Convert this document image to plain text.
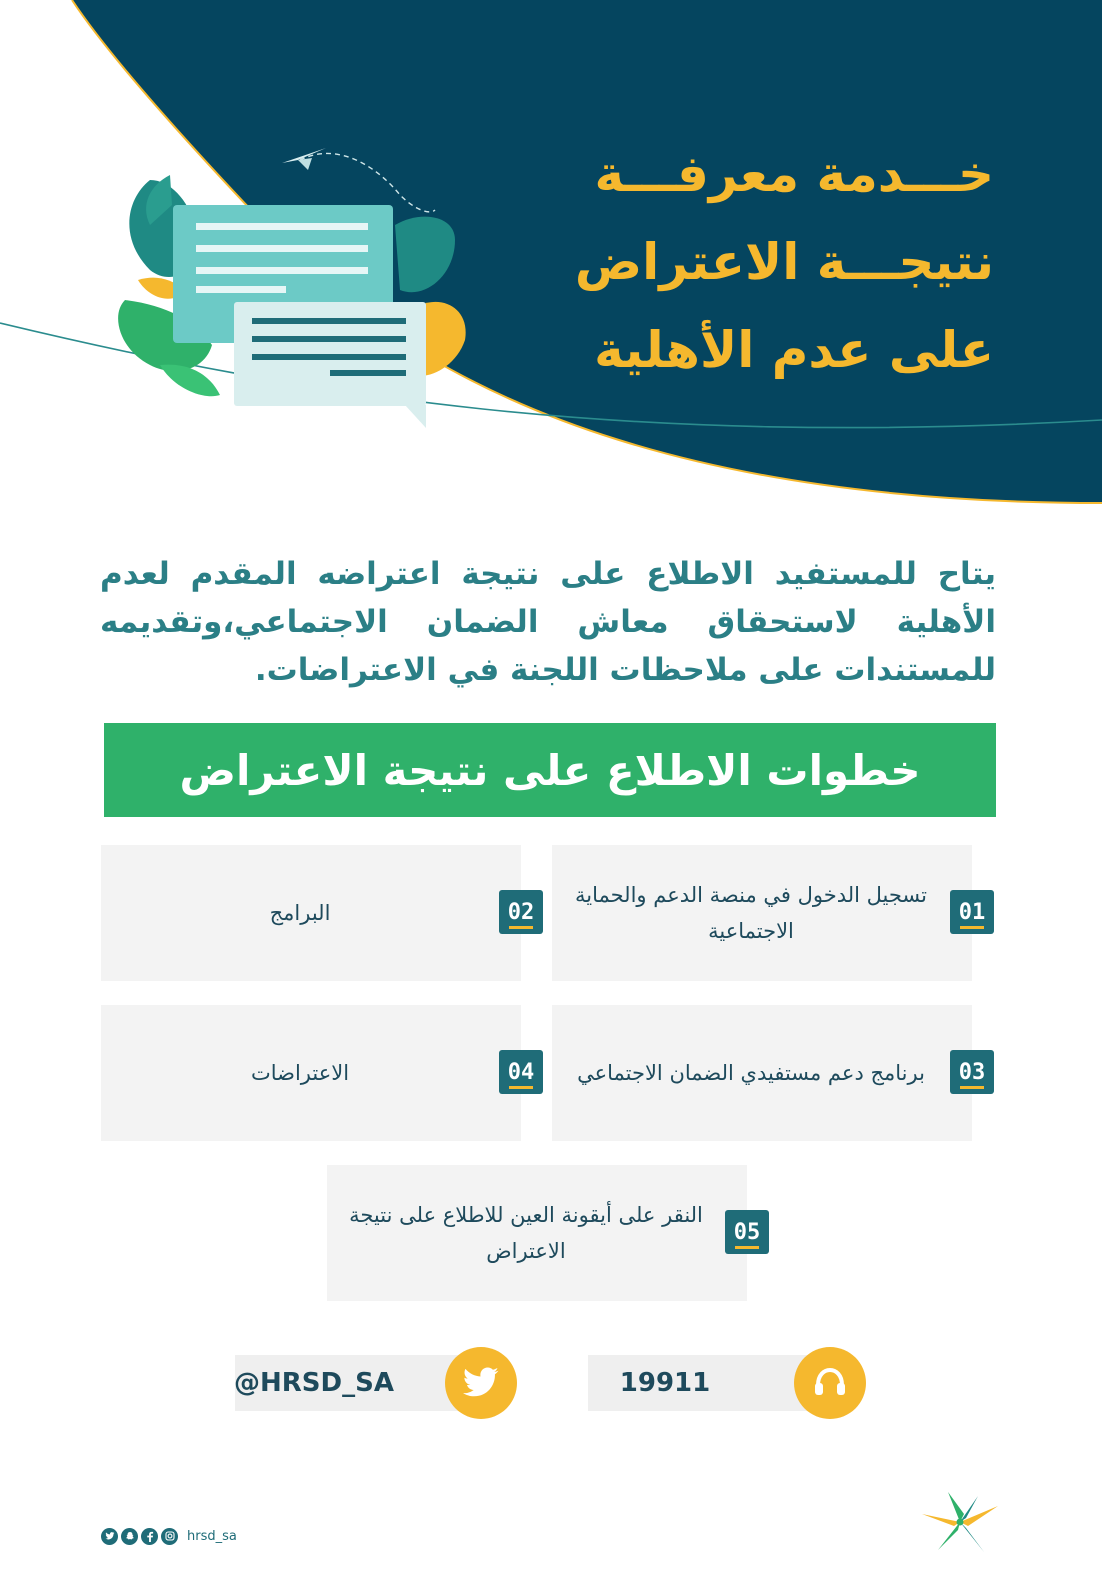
خـــدمة معرفـــة
نتيجـــة الاعتراض
على عدم الأهلية
يتاح للمستفيد الاطلاع على نتيجة اعتراضه المقدم لعدم الأهلية لاستحقاق معاش الضمان الاجتماعي،وتقديمه للمستندات على ملاحظات اللجنة في الاعتراضات.
خطوات الاطلاع على نتيجة الاعتراض
تسجيل الدخول في منصة الدعم والحماية الاجتماعية
01
البرامج	02
برنامج دعم مستفيدي الضمان الاجتماعي	03
الاعتراضات	04
النقر على أيقونة العين للاطلاع على نتيجة الاعتراض
05
19911
@HRSD_SA
hrsd_sa
